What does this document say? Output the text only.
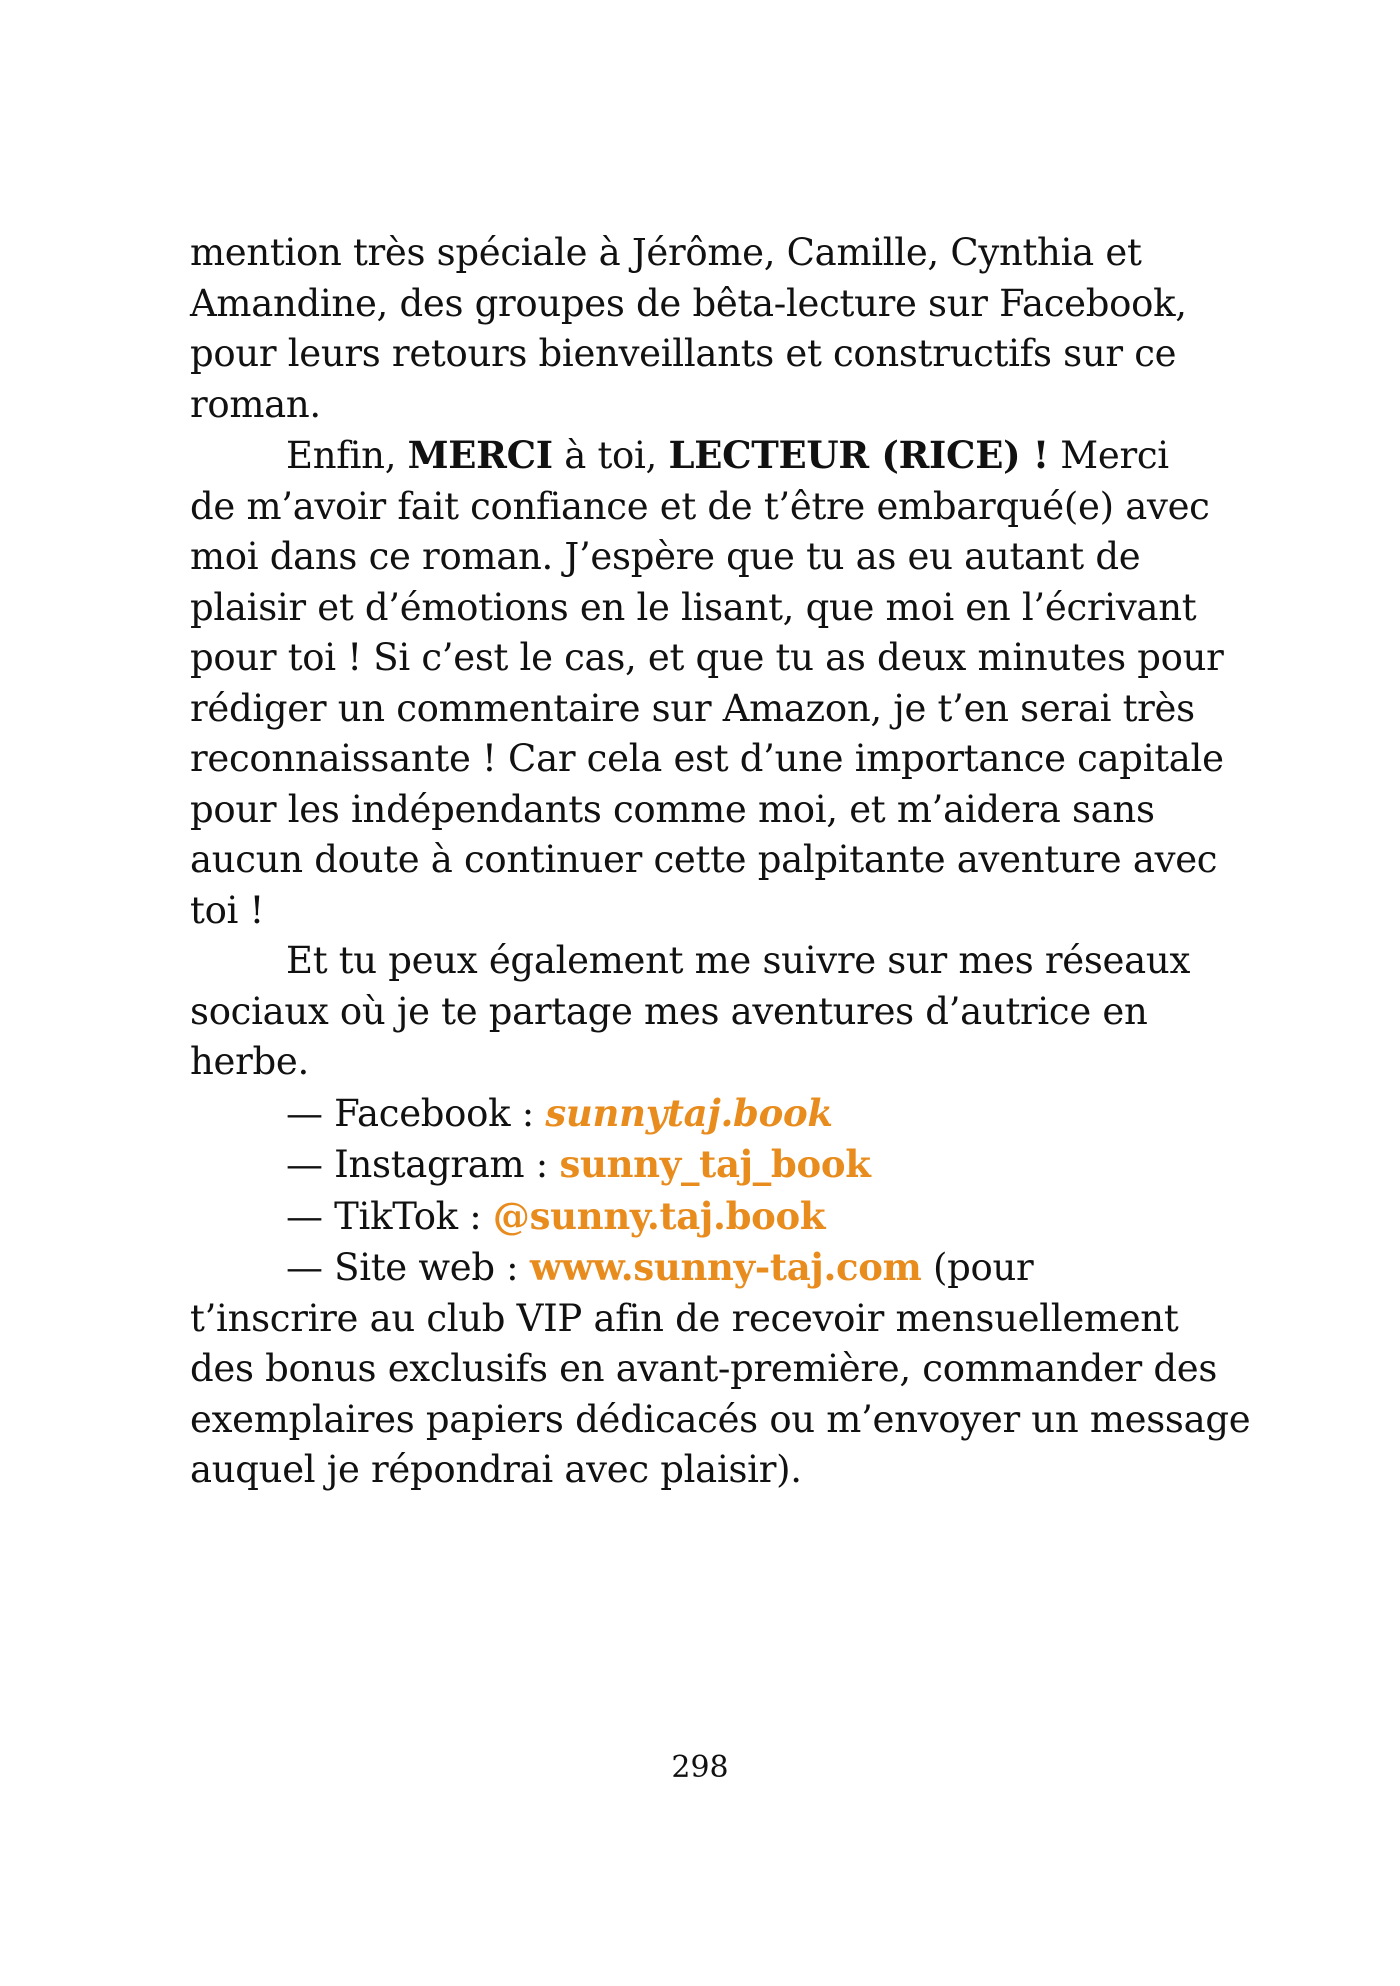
mention très spéciale à Jérôme, Camille, Cynthia et
Amandine, des groupes de bêta-lecture sur Facebook,
pour leurs retours bienveillants et constructifs sur ce
roman.
Enfin, MERCI à toi, LECTEUR (RICE) ! Merci
de m’avoir fait confiance et de t’être embarqué(e) avec
moi dans ce roman. J’espère que tu as eu autant de
plaisir et d’émotions en le lisant, que moi en l’écrivant
pour toi ! Si c’est le cas, et que tu as deux minutes pour
rédiger un commentaire sur Amazon, je t’en serai très
reconnaissante ! Car cela est d’une importance capitale
pour les indépendants comme moi, et m’aidera sans
aucun doute à continuer cette palpitante aventure avec
toi !
Et tu peux également me suivre sur mes réseaux
sociaux où je te partage mes aventures d’autrice en
herbe.
— Facebook : sunnytaj.book
— Instagram : sunny_taj_book
— TikTok : @sunny.taj.book
— Site web : www.sunny-taj.com (pour
t’inscrire au club VIP afin de recevoir mensuellement
des bonus exclusifs en avant-première, commander des
exemplaires papiers dédicacés ou m’envoyer un message
auquel je répondrai avec plaisir).
298
